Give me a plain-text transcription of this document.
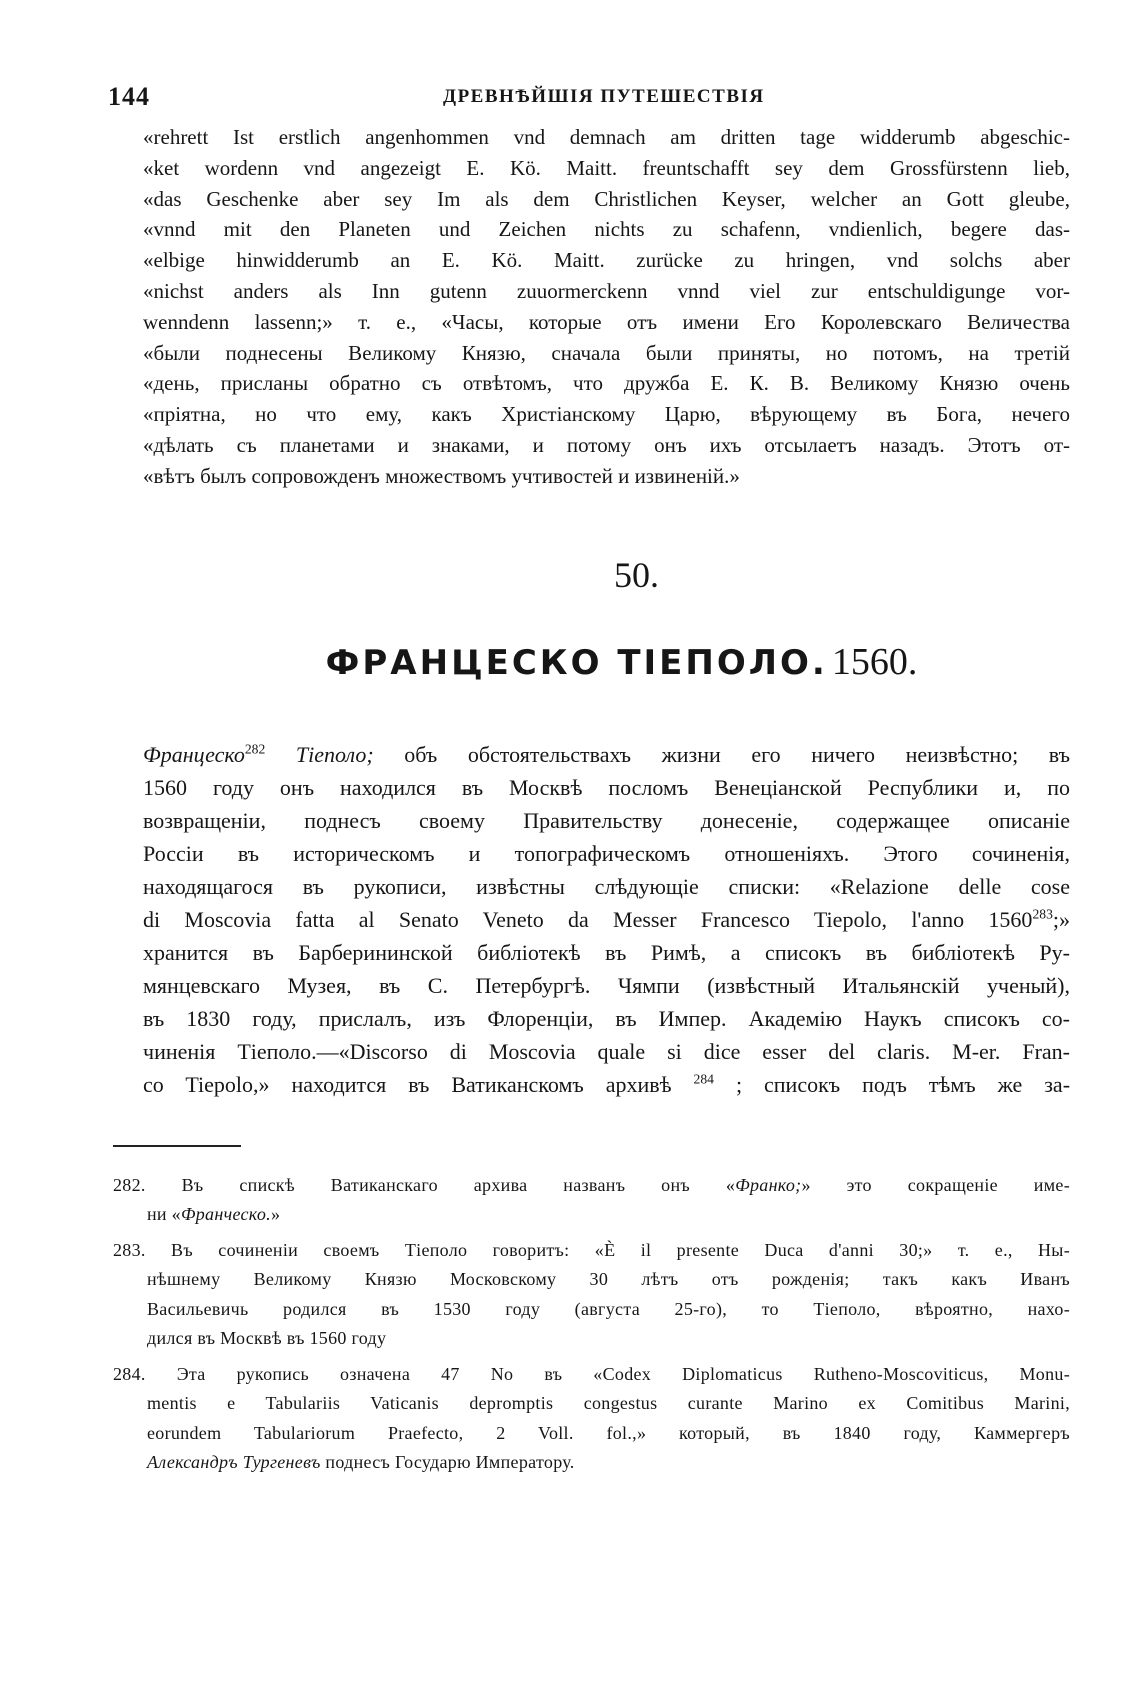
144	ДРЕВНѢЙШІЯ ПУТЕШЕСТВІЯ
«rehrett Ist erstlich angenhommen vnd demnach am dritten tage widderumb abgeschic-
«ket wordenn vnd angezeigt E. Kö. Maitt. freuntschafft sey dem Grossfürstenn lieb,
«das Geschenke aber sey Im als dem Christlichen Keyser, welcher an Gott gleube,
«vnnd mit den Planeten und Zeichen nichts zu schafenn, vndienlich, begere das-
«elbige hinwidderumb an E. Kö. Maitt. zurücke zu hringen, vnd solchs aber
«nichst anders als Inn gutenn zuuormerckenn vnnd viel zur entschuldigunge vor-
wenndenn lassenn;» т. е., «Часы, которые отъ имени Его Королевскаго Величества
«были поднесены Великому Князю, сначала были приняты, но потомъ, на третій
«день, присланы обратно съ отвѣтомъ, что дружба Е. К. В. Великому Князю очень
«пріятна, но что ему, какъ Христіанскому Царю, вѣрующему въ Бога, нечего
«дѣлать съ планетами и знаками, и потому онъ ихъ отсылаетъ назадъ. Этотъ от-
«вѣтъ былъ сопровожденъ множествомъ учтивостей и извиненій.»
50.
ФРАНЦЕСКО ТІЕПОЛО. 1560.
Францеско$^{282}$ Тіеполо; объ обстоятельствахъ жизни его ничего неизвѣстно; въ
1560 году онъ находился въ Москвѣ посломъ Венеціанской Республики и, по
возвращеніи, поднесъ своему Правительству донесеніе, содержащее описаніе
Россіи въ историческомъ и топографическомъ отношеніяхъ. Этого сочиненія,
находящагося въ рукописи, извѣстны слѣдующіе списки: «Relazione delle cose
di Moscovia fatta al Senato Veneto da Messer Francesco Tiepolo, l'anno 1560$^{283}$;»
хранится въ Барберининской библіотекѣ въ Римѣ, а списокъ въ библіотекѣ Ру-
мянцевскаго Музея, въ С. Петербургѣ. Чямпи (извѣстный Итальянскій ученый),
въ 1830 году, прислалъ, изъ Флоренціи, въ Импер. Академію Наукъ списокъ со-
чиненія Тіеполо.—«Discorso di Moscovia quale si dice esser del claris. M-er. Fran-
co Tiepolo,» находится въ Ватиканскомъ архивѣ $^{284}$ ; списокъ подъ тѣмъ же за-
282. Въ спискѣ Ватиканскаго архива названъ онъ «Франко;» это сокращеніе име-
ни «Франческо.»
283. Въ сочиненіи своемъ Тіеполо говоритъ: «È il presente Duca d'anni 30;» т. е., Ны-
нѣшнему Великому Князю Московскому 30 лѣтъ отъ рожденія; такъ какъ Иванъ
Васильевичь родился въ 1530 году (августа 25-го), то Тіеполо, вѣроятно, нахо-
дился въ Москвѣ въ 1560 году
284. Эта рукопись означена 47 No въ «Codex Diplomaticus Rutheno-Moscoviticus, Monu-
mentis e Tabulariis Vaticanis depromptis congestus curante Marino ex Comitibus Marini,
eorundem Tabulariorum Praefecto, 2 Voll. fol.,» который, въ 1840 году, Каммергеръ
Александръ Тургеневъ поднесъ Государю Императору.
